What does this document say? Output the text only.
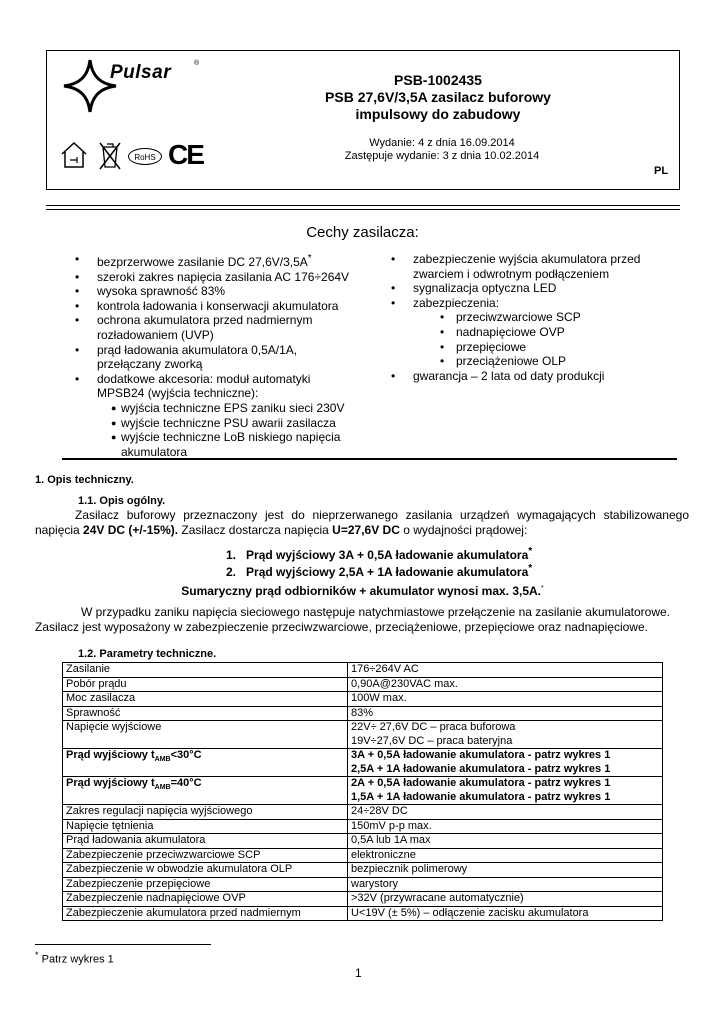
Pulsar	®
PSB-1002435
PSB 27,6V/3,5A zasilacz buforowy
impulsowy do zabudowy
Wydanie: 4 z dnia 16.09.2014
Zastępuje wydanie: 3 z dnia 10.02.2014
PL
RoHS CE
Cechy zasilacza:
• bezprzerwowe zasilanie DC 27,6V/3,5A*
• szeroki zakres napięcia zasilania AC 176÷264V
• wysoka sprawność 83%
• kontrola ładowania i konserwacji akumulatora
• ochrona akumulatora przed nadmiernym
rozładowaniem (UVP)
• prąd ładowania akumulatora 0,5A/1A,
przełączany zworką
• dodatkowe akcesoria: moduł automatyki
MPSB24 (wyjścia techniczne):
● wyjścia techniczne EPS zaniku sieci 230V
● wyjście techniczne PSU awarii zasilacza
● wyjście techniczne LoB niskiego napięcia
akumulatora
• zabezpieczenie wyjścia akumulatora przed
zwarciem i odwrotnym podłączeniem
• sygnalizacja optyczna LED
• zabezpieczenia:
• przeciwzwarciowe SCP
• nadnapięciowe OVP
• przepięciowe
• przeciążeniowe OLP
• gwarancja – 2 lata od daty produkcji
1. Opis techniczny.
1.1. Opis ogólny.
Zasilacz buforowy przeznaczony jest do nieprzerwanego zasilania urządzeń wymagających stabilizowanego
napięcia 24V DC (+/-15%). Zasilacz dostarcza napięcia U=27,6V DC o wydajności prądowej:
1. Prąd wyjściowy 3A + 0,5A ładowanie akumulatora*
2. Prąd wyjściowy 2,5A + 1A ładowanie akumulatora*
Sumaryczny prąd odbiorników + akumulator wynosi max. 3,5A.*
W przypadku zaniku napięcia sieciowego następuje natychmiastowe przełączenie na zasilanie akumulatorowe.
Zasilacz jest wyposażony w zabezpieczenie przeciwzwarciowe, przeciążeniowe, przepięciowe oraz nadnapięciowe.
1.2. Parametry techniczne.
Zasilanie	176÷264V AC

Pobór prądu	0,90A@230VAC max.

Moc zasilacza	100W max.

Sprawność	83%

Napięcie wyjściowe	22V÷ 27,6V DC – praca buforowa
19V÷27,6V DC – praca bateryjna

Prąd wyjściowy $t_{AMB}<30^\circ C$	3A + 0,5A ładowanie akumulatora - patrz wykres 1
2,5A + 1A ładowanie akumulatora - patrz wykres 1

Prąd wyjściowy $t_{AMB}=40^\circ C$	2A + 0,5A ładowanie akumulatora - patrz wykres 1
1,5A + 1A ładowanie akumulatora - patrz wykres 1

Zakres regulacji napięcia wyjściowego	24÷28V DC

Napięcie tętnienia	150mV p-p max.

Prąd ładowania akumulatora	0,5A lub 1A max

Zabezpieczenie przeciwzwarciowe SCP	elektroniczne

Zabezpieczenie w obwodzie akumulatora OLP	bezpiecznik polimerowy

Zabezpieczenie przepięciowe	warystory

Zabezpieczenie nadnapięciowe OVP	>32V (przywracane automatycznie)

Zabezpieczenie akumulatora przed nadmiernym	U<19V (± 5%) – odłączenie zacisku akumulatora
* Patrz wykres 1
1
